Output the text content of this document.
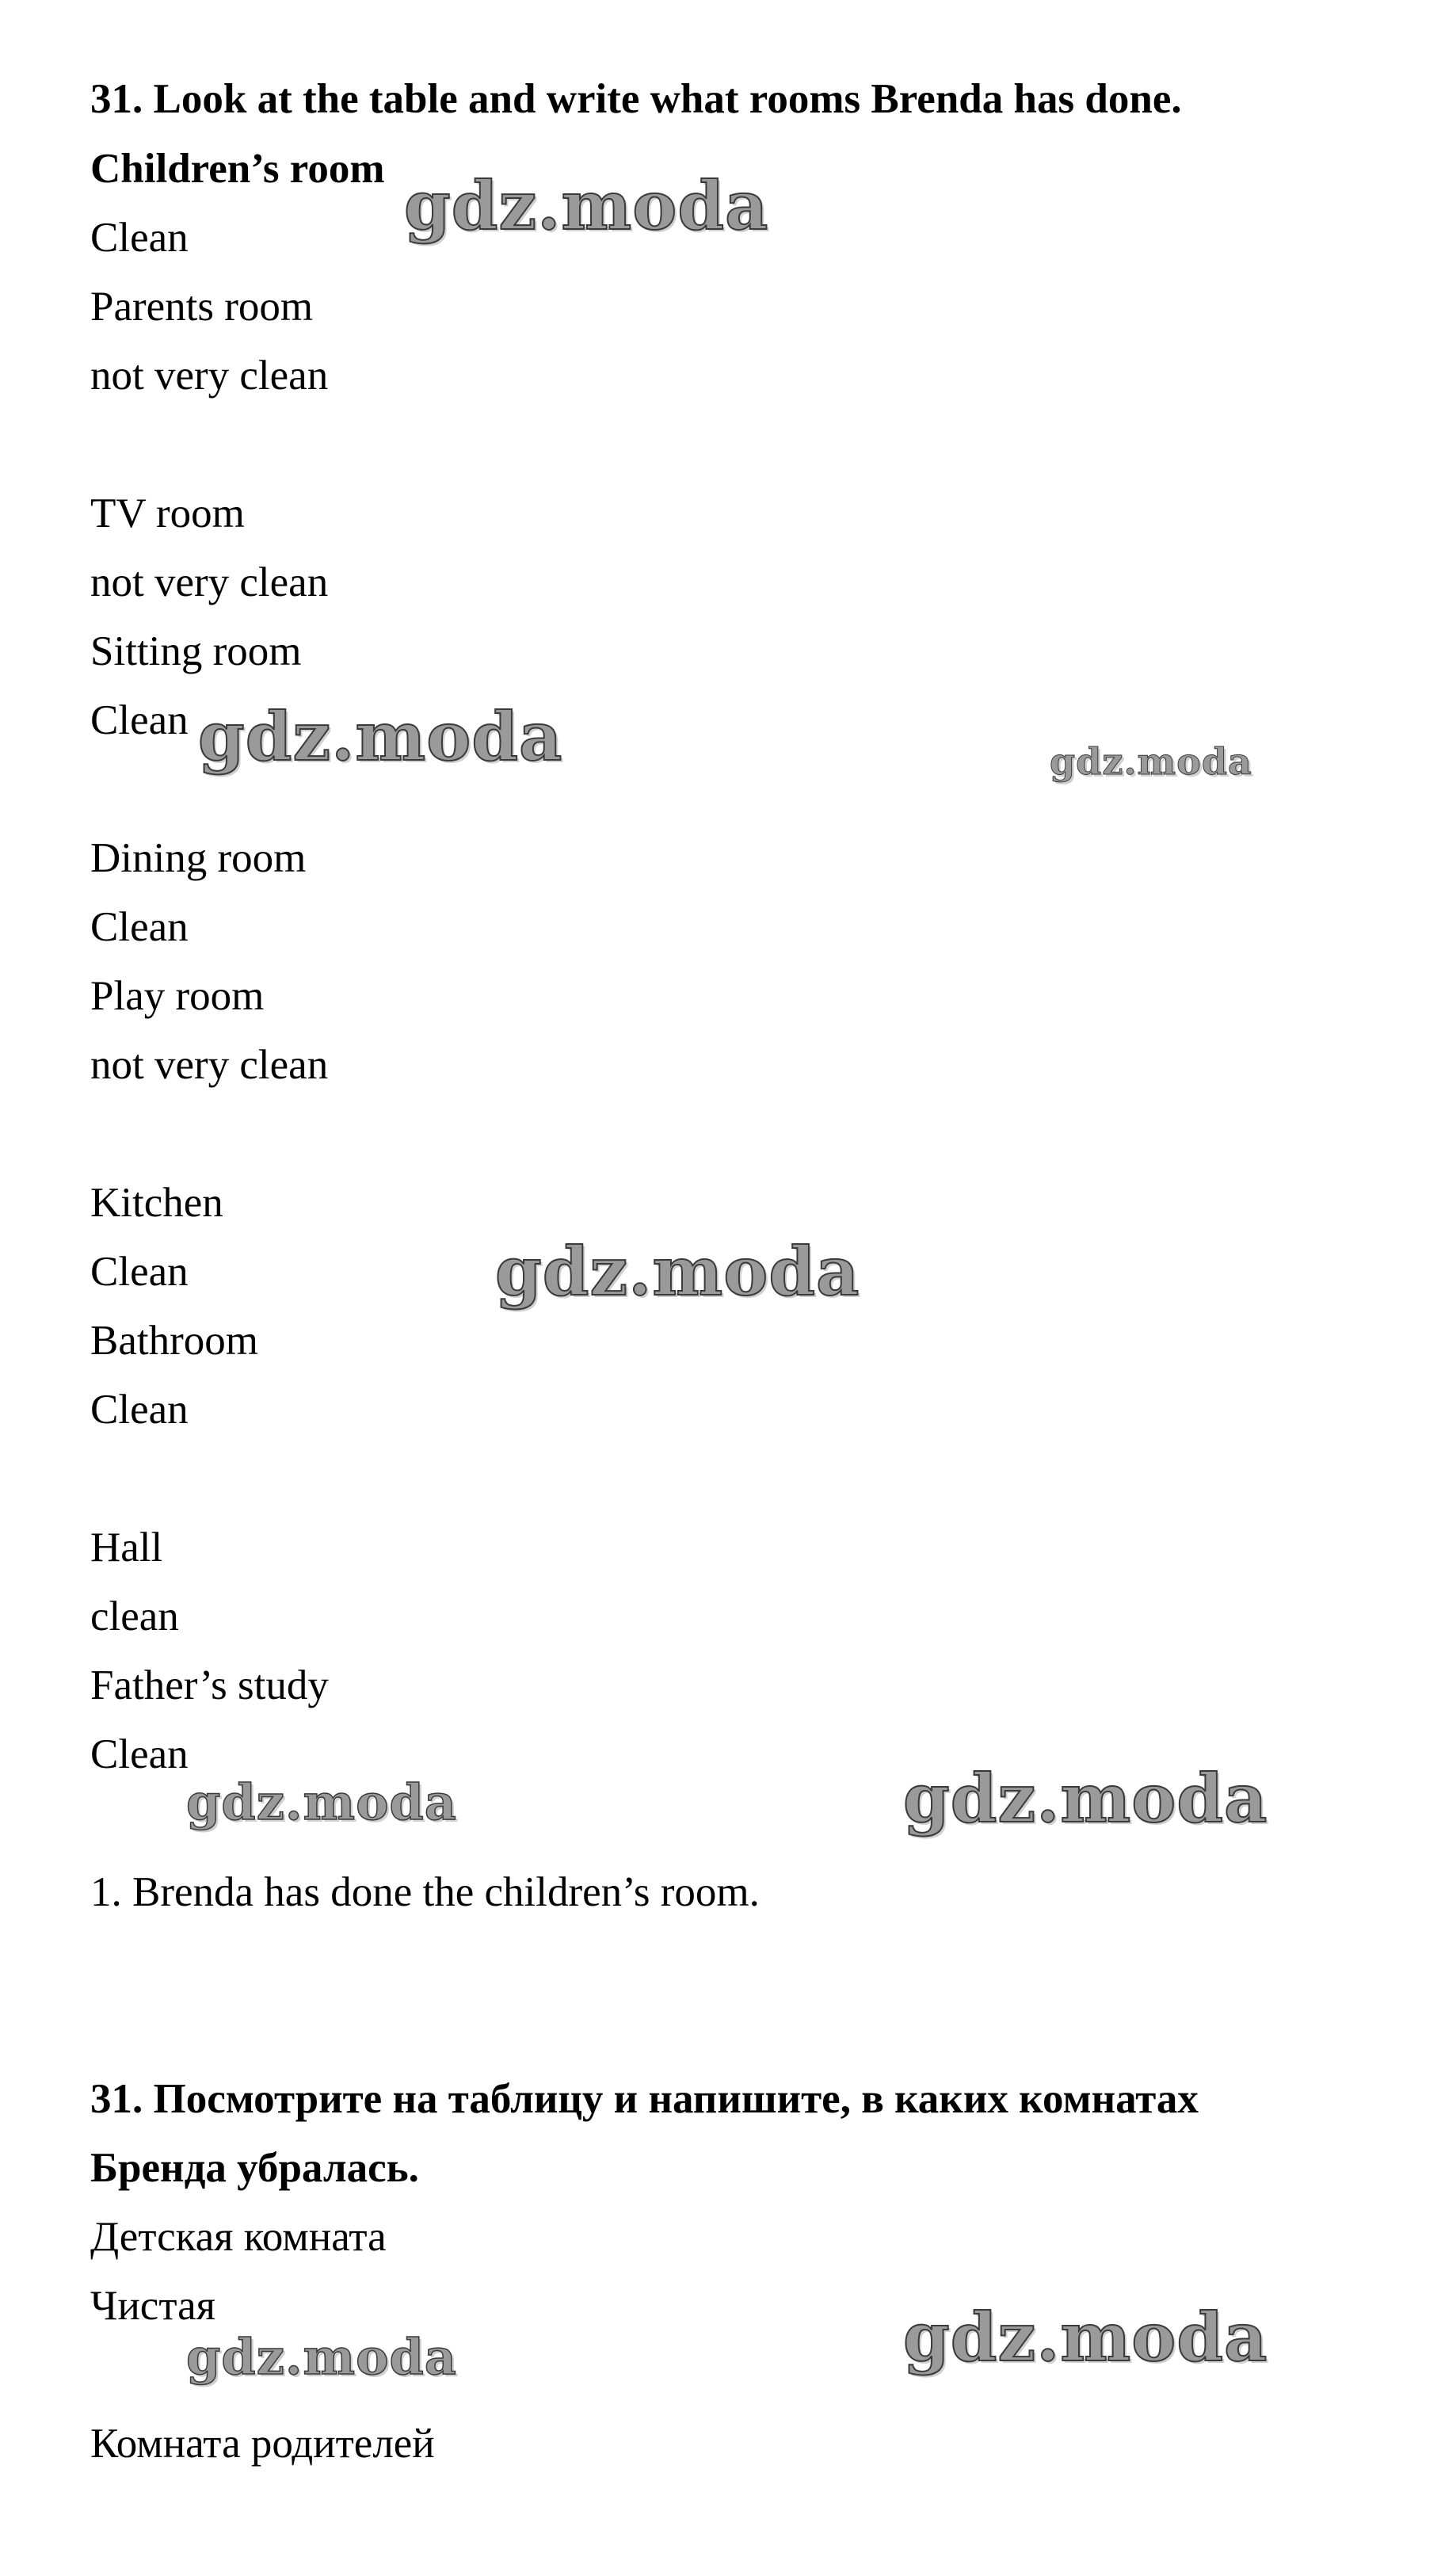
31. Look at the table and write what rooms Brenda has done.
Children’s room
Clean
Parents room
not very clean
TV room
not very clean
Sitting room
Clean
Dining room
Clean
Play room
not very clean
Kitchen
Clean
Bathroom
Clean
Hall
clean
Father’s study
Clean
1. Brenda has done the children’s room.
31. Посмотрите на таблицу и напишите, в каких комнатах
Бренда убралась.
Детская комната
Чистая
Комната родителей
gdz.moda
gdz.moda	gdz.moda
gdz.moda
gdz.moda	gdz.moda
gdz.moda	gdz.moda
